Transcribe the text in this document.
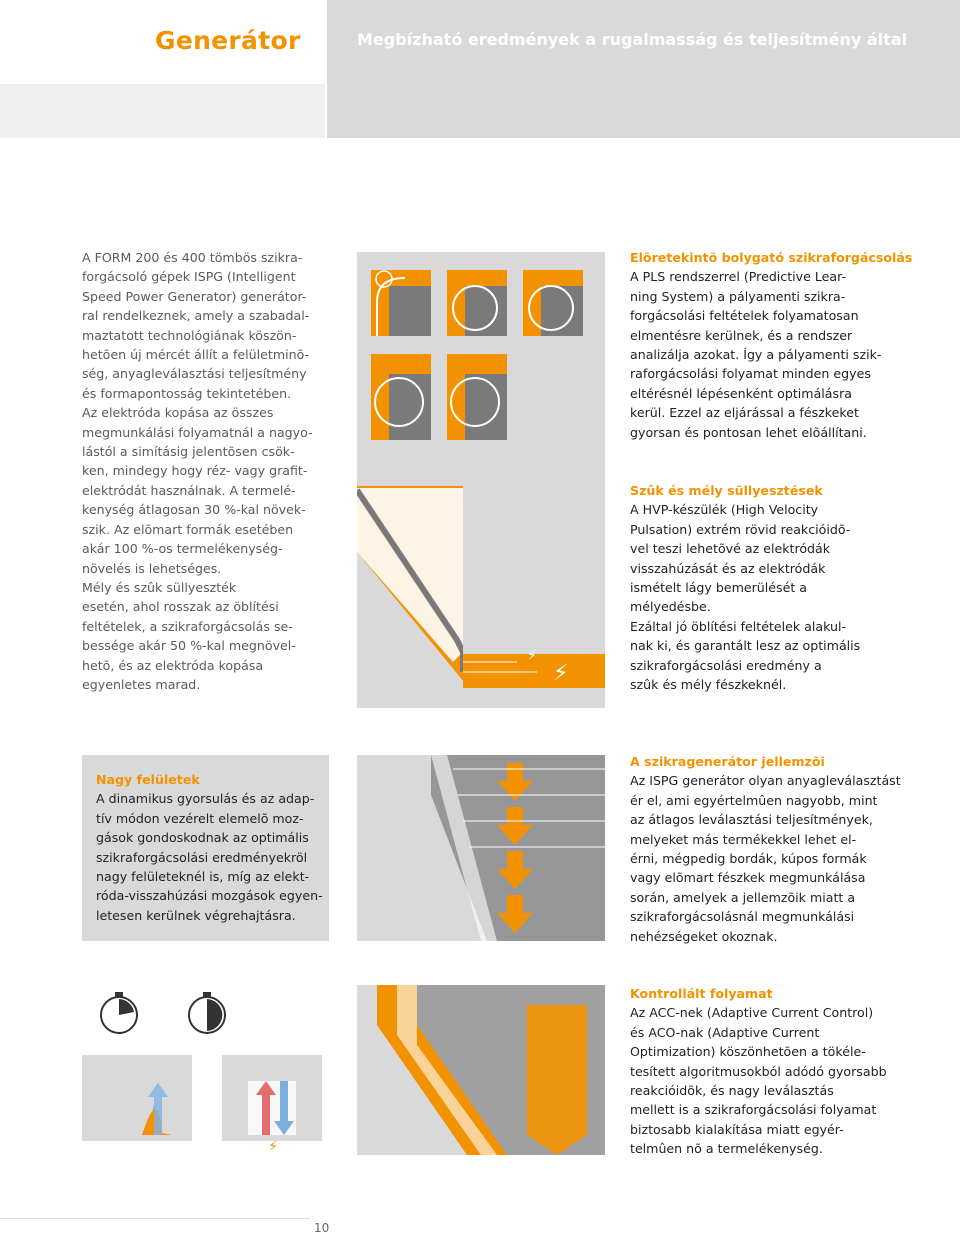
Generátor	Megbízható eredmények a rugalmasság és teljesítmény által
A FORM 200 és 400 tömbös szikra-
forgácsoló gépek ISPG (Intelligent
Speed Power Generator) generátor-
ral rendelkeznek, amely a szabadal-
maztatott technológiának köszön-
hetõen új mércét állít a felületminõ-
ség, anyagleválasztási teljesítmény
és formapontosság tekintetében.
Az elektróda kopása az összes
megmunkálási folyamatnál a nagyo-
lástól a simításig jelentõsen csök-
ken, mindegy hogy réz- vagy grafit-
elektródát használnak. A termelé-
kenység átlagosan 30 %-kal növek-
szik. Az elõmart formák esetében
akár 100 %-os termelékenység-
növelés is lehetséges.
Mély és szûk süllyeszték
esetén, ahol rosszak az öblítési
feltételek, a szikraforgácsolás se-
bessége akár 50 %-kal megnövel-
hetõ, és az elektróda kopása
egyenletes marad.
⚡
⚡
Elõretekintõ bolygató szikraforgácsolás
A PLS rendszerrel (Predictive Lear-
ning System) a pályamenti szikra-
forgácsolási feltételek folyamatosan
elmentésre kerülnek, és a rendszer
analizálja azokat. Így a pályamenti szik-
raforgácsolási folyamat minden egyes
eltérésnél lépésenként optimálásra
kerül. Ezzel az eljárással a fészkeket
gyorsan és pontosan lehet elõállítani.
Szûk és mély süllyesztések
A HVP-készülék (High Velocity
Pulsation) extrém rövid reakcióidõ-
vel teszi lehetõvé az elektródák
visszahúzását és az elektródák
ismételt lágy bemerülését a
mélyedésbe.
Ezáltal jó öblítési feltételek alakul-
nak ki, és garantált lesz az optimális
szikraforgácsolási eredmény a
szûk és mély fészkeknél.
Nagy felületek
A dinamikus gyorsulás és az adap-
tív módon vezérelt elemelõ moz-
gások gondoskodnak az optimális
szikraforgácsolási eredményekröl
nagy felületeknél is, míg az elekt-
róda-visszahúzási mozgások egyen-
letesen kerülnek végrehajtásra.
A szikragenerátor jellemzõi
Az ISPG generátor olyan anyagleválasztást
ér el, ami egyértelmûen nagyobb, mint
az átlagos leválasztási teljesítmények,
melyeket más termékekkel lehet el-
érni, mégpedig bordák, kúpos formák
vagy elõmart fészkek megmunkálása
során, amelyek a jellemzõik miatt a
szikraforgácsolásnál megmunkálási
nehézségeket okoznak.
⚡
Kontrollált folyamat
Az ACC-nek (Adaptive Current Control)
és ACO-nak (Adaptive Current
Optimization) köszönhetõen a tökéle-
tesített algoritmusokból adódó gyorsabb
reakcióidõk, és nagy leválasztás
mellett is a szikraforgácsolási folyamat
biztosabb kialakítása miatt egyér-
telmûen nõ a termelékenység.
10
